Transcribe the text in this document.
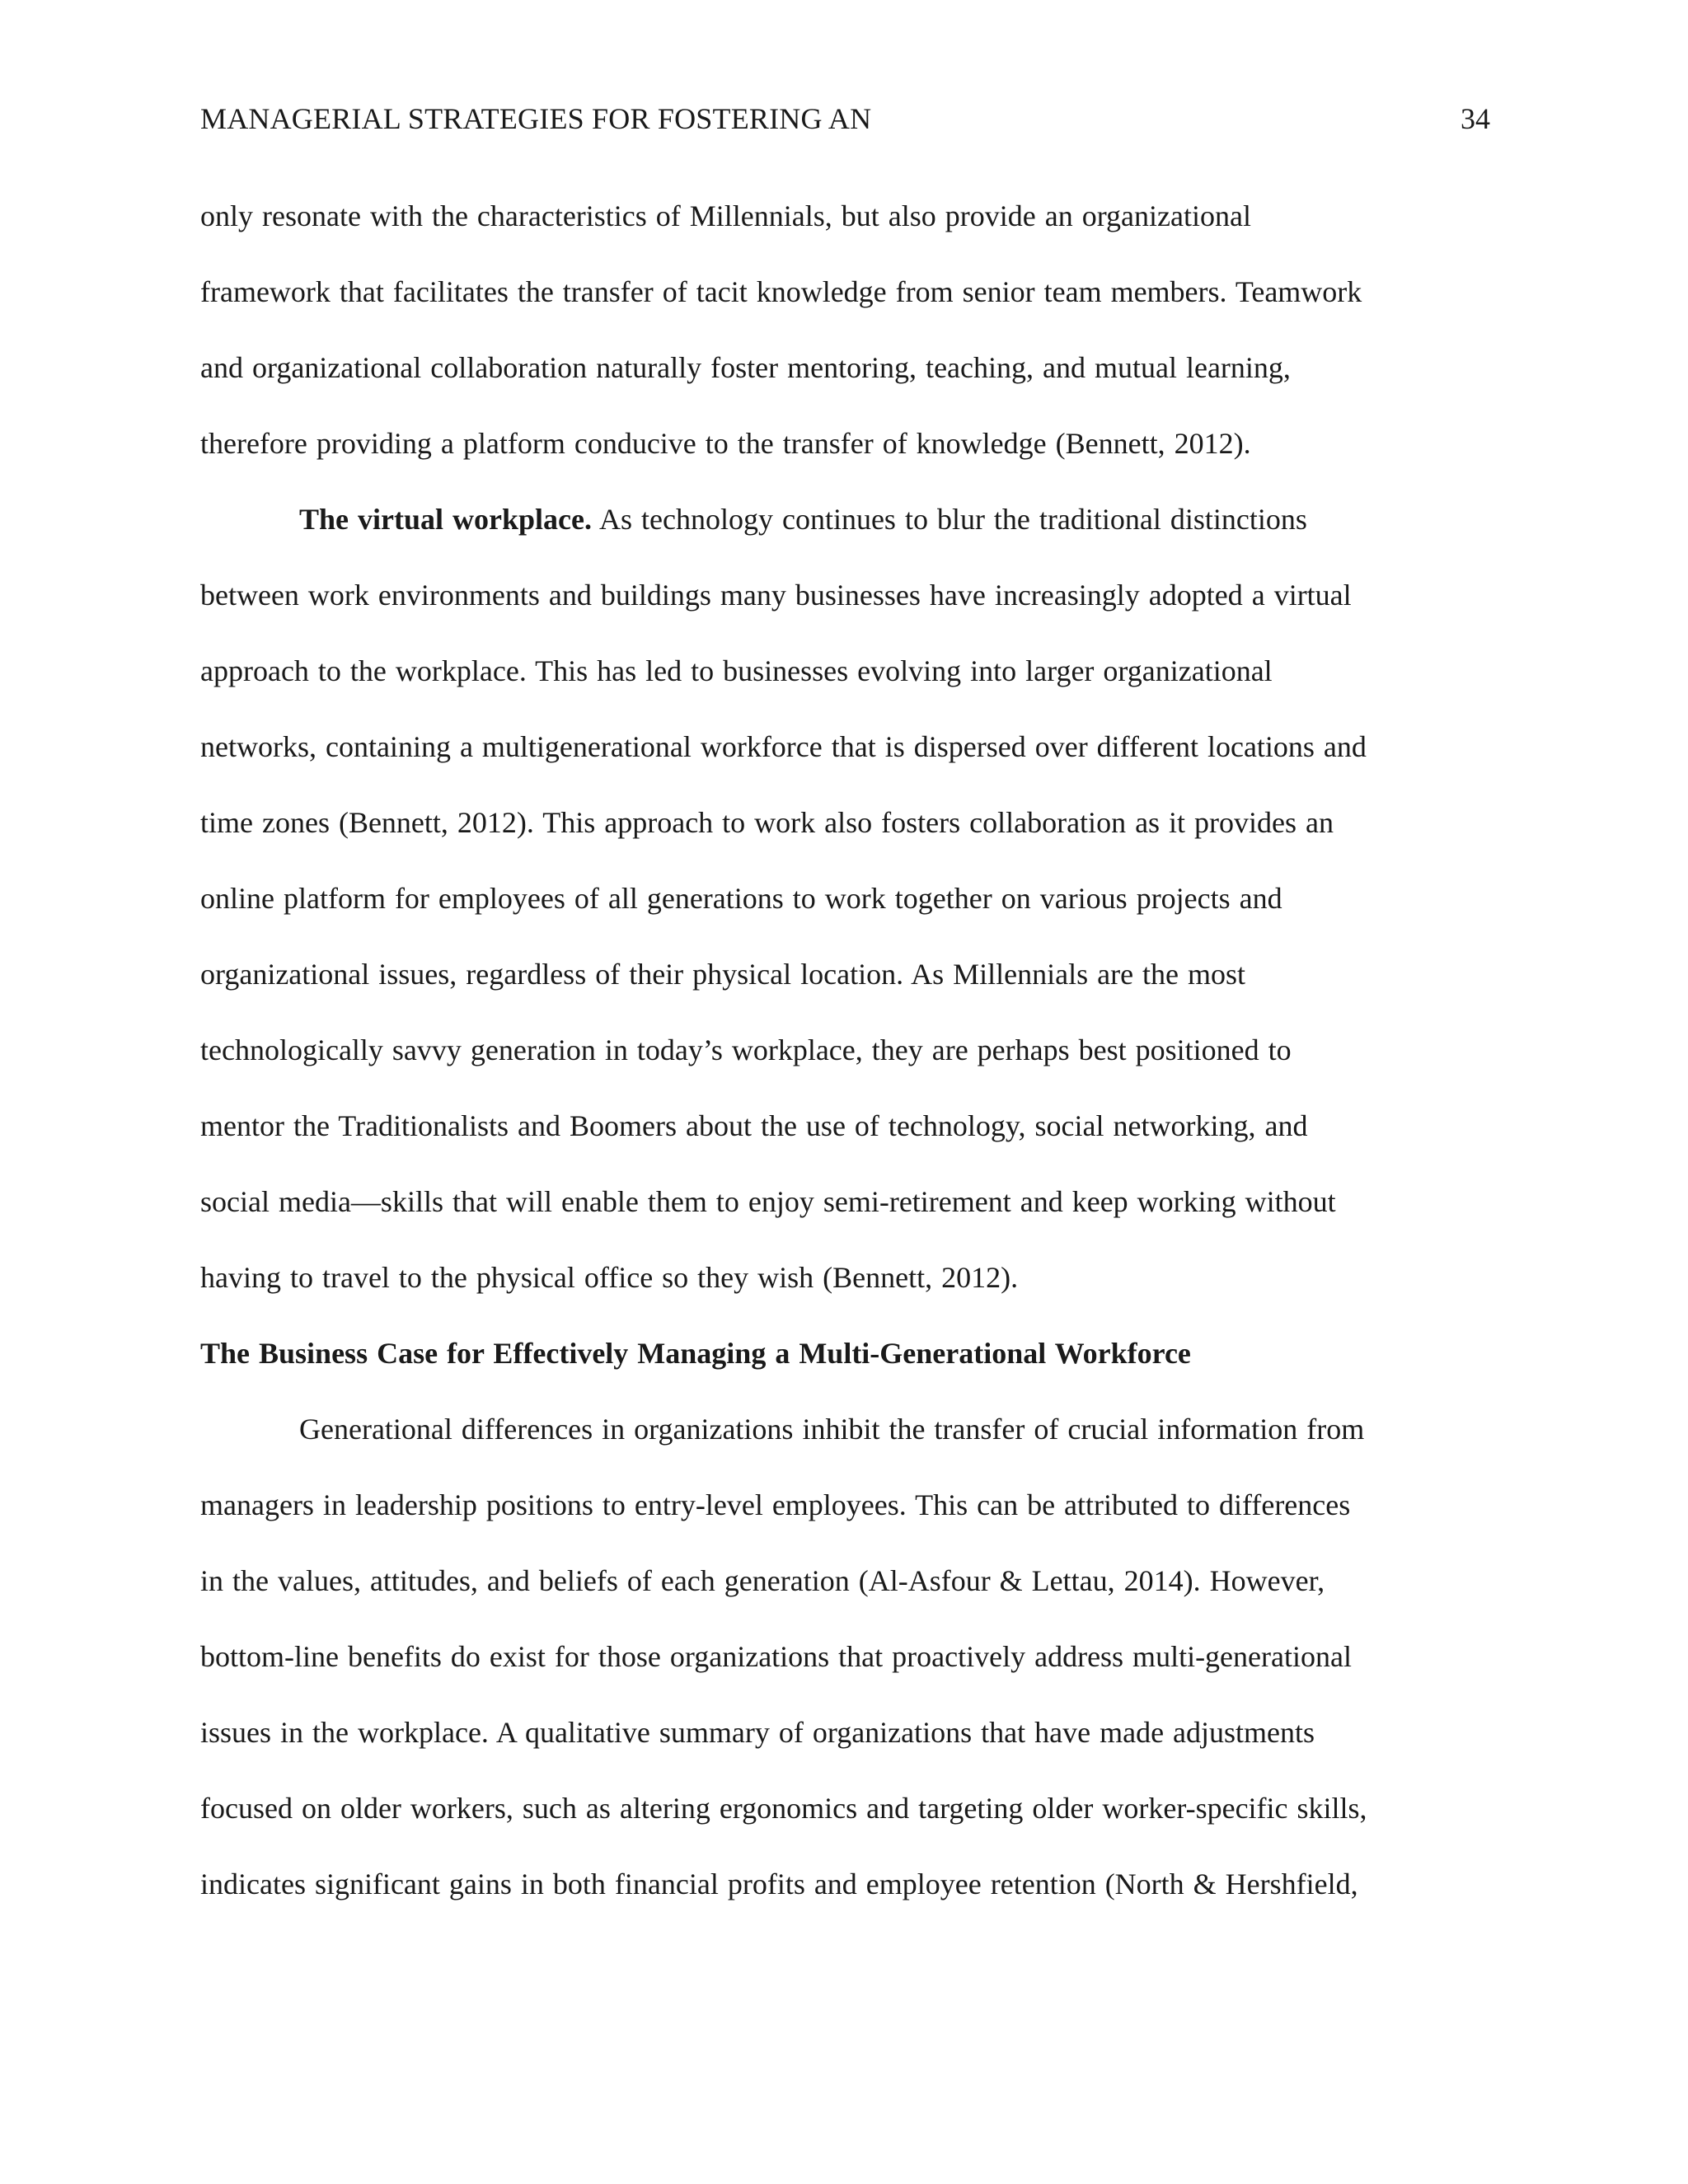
MANAGERIAL STRATEGIES FOR FOSTERING AN	34
only resonate with the characteristics of Millennials, but also provide an organizational
framework that facilitates the transfer of tacit knowledge from senior team members. Teamwork
and organizational collaboration naturally foster mentoring, teaching, and mutual learning,
therefore providing a platform conducive to the transfer of knowledge (Bennett, 2012).
The virtual workplace. As technology continues to blur the traditional distinctions
between work environments and buildings many businesses have increasingly adopted a virtual
approach to the workplace. This has led to businesses evolving into larger organizational
networks, containing a multigenerational workforce that is dispersed over different locations and
time zones (Bennett, 2012). This approach to work also fosters collaboration as it provides an
online platform for employees of all generations to work together on various projects and
organizational issues, regardless of their physical location. As Millennials are the most
technologically savvy generation in today’s workplace, they are perhaps best positioned to
mentor the Traditionalists and Boomers about the use of technology, social networking, and
social media—skills that will enable them to enjoy semi-retirement and keep working without
having to travel to the physical office so they wish (Bennett, 2012).
The Business Case for Effectively Managing a Multi-Generational Workforce
Generational differences in organizations inhibit the transfer of crucial information from
managers in leadership positions to entry-level employees. This can be attributed to differences
in the values, attitudes, and beliefs of each generation (Al-Asfour & Lettau, 2014). However,
bottom-line benefits do exist for those organizations that proactively address multi-generational
issues in the workplace. A qualitative summary of organizations that have made adjustments
focused on older workers, such as altering ergonomics and targeting older worker-specific skills,
indicates significant gains in both financial profits and employee retention (North & Hershfield,
